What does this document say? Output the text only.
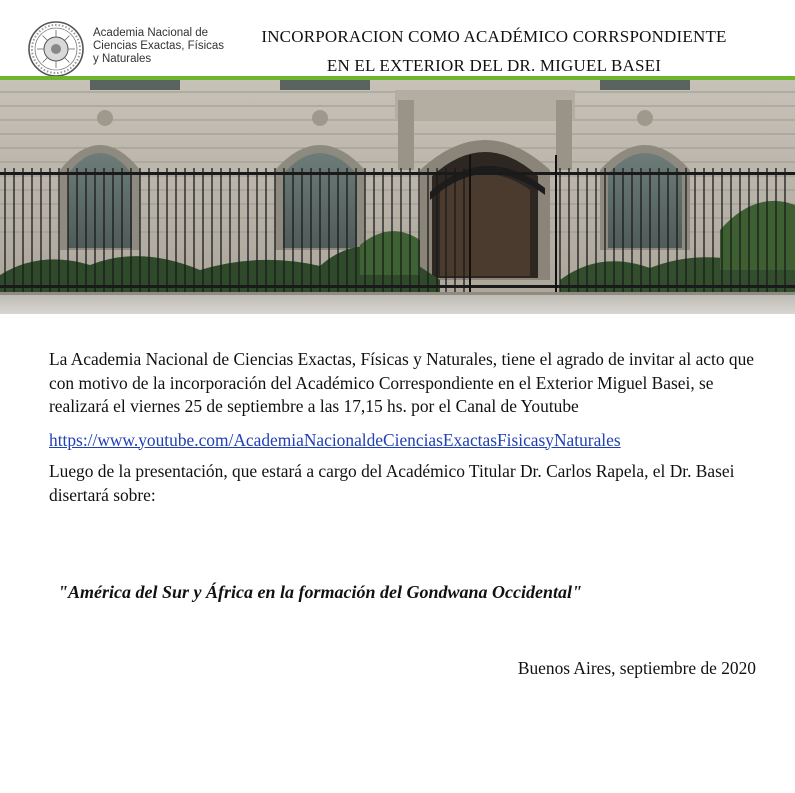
Academia Nacional de
Ciencias Exactas, Físicas
y Naturales
INCORPORACION COMO ACADÉMICO CORRSPONDIENTE
EN EL EXTERIOR DEL DR. MIGUEL BASEI

La Academia Nacional de Ciencias Exactas, Físicas y Naturales, tiene el agrado de invitar al acto que con motivo de la incorporación del Académico Correspondiente en el Exterior Miguel Basei, se realizará el viernes 25 de septiembre a las 17,15 hs. por el Canal de Youtube

https://www.youtube.com/AcademiaNacionaldeCienciasExactasFisicasyNaturales

Luego de la presentación, que estará a cargo del Académico Titular Dr. Carlos Rapela, el Dr. Basei disertará sobre:

"América del Sur y África en la formación del Gondwana Occidental"
Buenos Aires, septiembre de 2020
